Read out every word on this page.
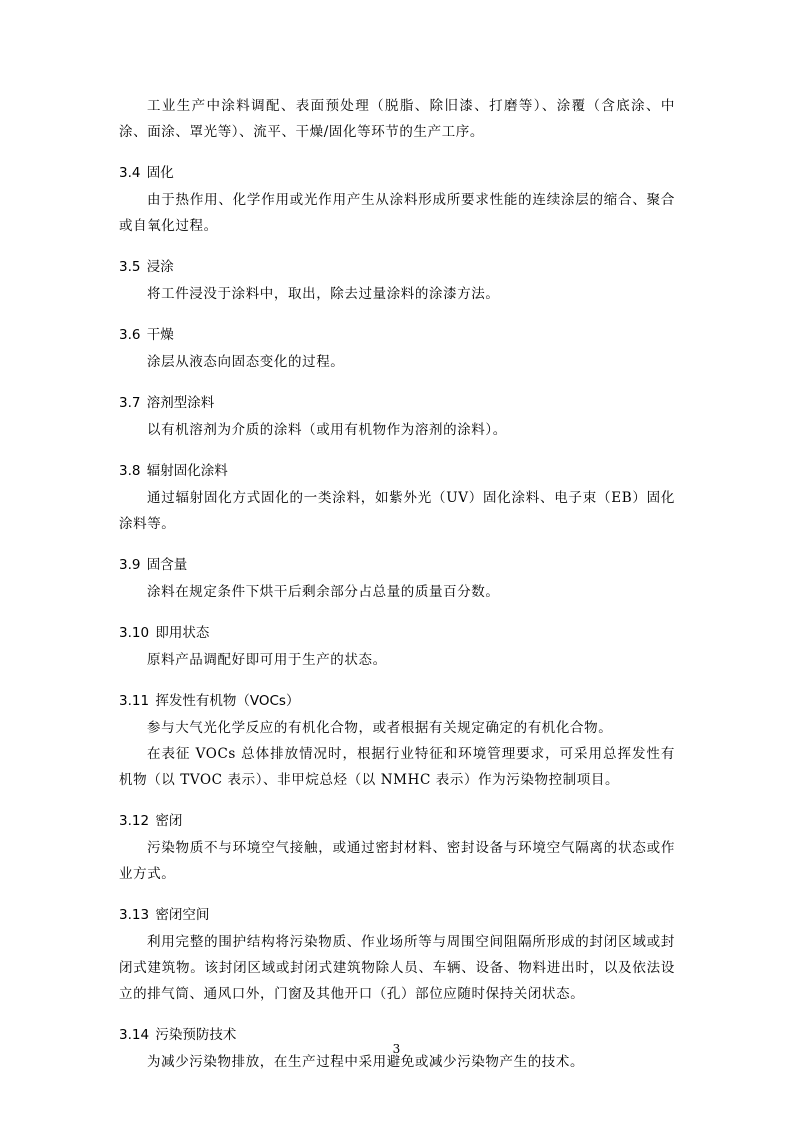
工业生产中涂料调配、表面预处理（脱脂、除旧漆、打磨等）、涂覆（含底涂、中涂、面涂、罩光等）、流平、干燥/固化等环节的生产工序。

3.4 固化

由于热作用、化学作用或光作用产生从涂料形成所要求性能的连续涂层的缩合、聚合或自氧化过程。

3.5 浸涂

将工件浸没于涂料中，取出，除去过量涂料的涂漆方法。

3.6 干燥

涂层从液态向固态变化的过程。

3.7 溶剂型涂料

以有机溶剂为介质的涂料（或用有机物作为溶剂的涂料）。

3.8 辐射固化涂料

通过辐射固化方式固化的一类涂料，如紫外光（UV）固化涂料、电子束（EB）固化涂料等。

3.9 固含量

涂料在规定条件下烘干后剩余部分占总量的质量百分数。

3.10 即用状态

原料产品调配好即可用于生产的状态。

3.11 挥发性有机物（VOCs）

参与大气光化学反应的有机化合物，或者根据有关规定确定的有机化合物。

在表征 VOCs 总体排放情况时，根据行业特征和环境管理要求，可采用总挥发性有机物（以 TVOC 表示）、非甲烷总烃（以 NMHC 表示）作为污染物控制项目。

3.12 密闭

污染物质不与环境空气接触，或通过密封材料、密封设备与环境空气隔离的状态或作业方式。

3.13 密闭空间

利用完整的围护结构将污染物质、作业场所等与周围空间阻隔所形成的封闭区域或封闭式建筑物。该封闭区域或封闭式建筑物除人员、车辆、设备、物料进出时，以及依法设立的排气筒、通风口外，门窗及其他开口（孔）部位应随时保持关闭状态。

3.14 污染预防技术

为减少污染物排放，在生产过程中采用避免或减少污染物产生的技术。

3
